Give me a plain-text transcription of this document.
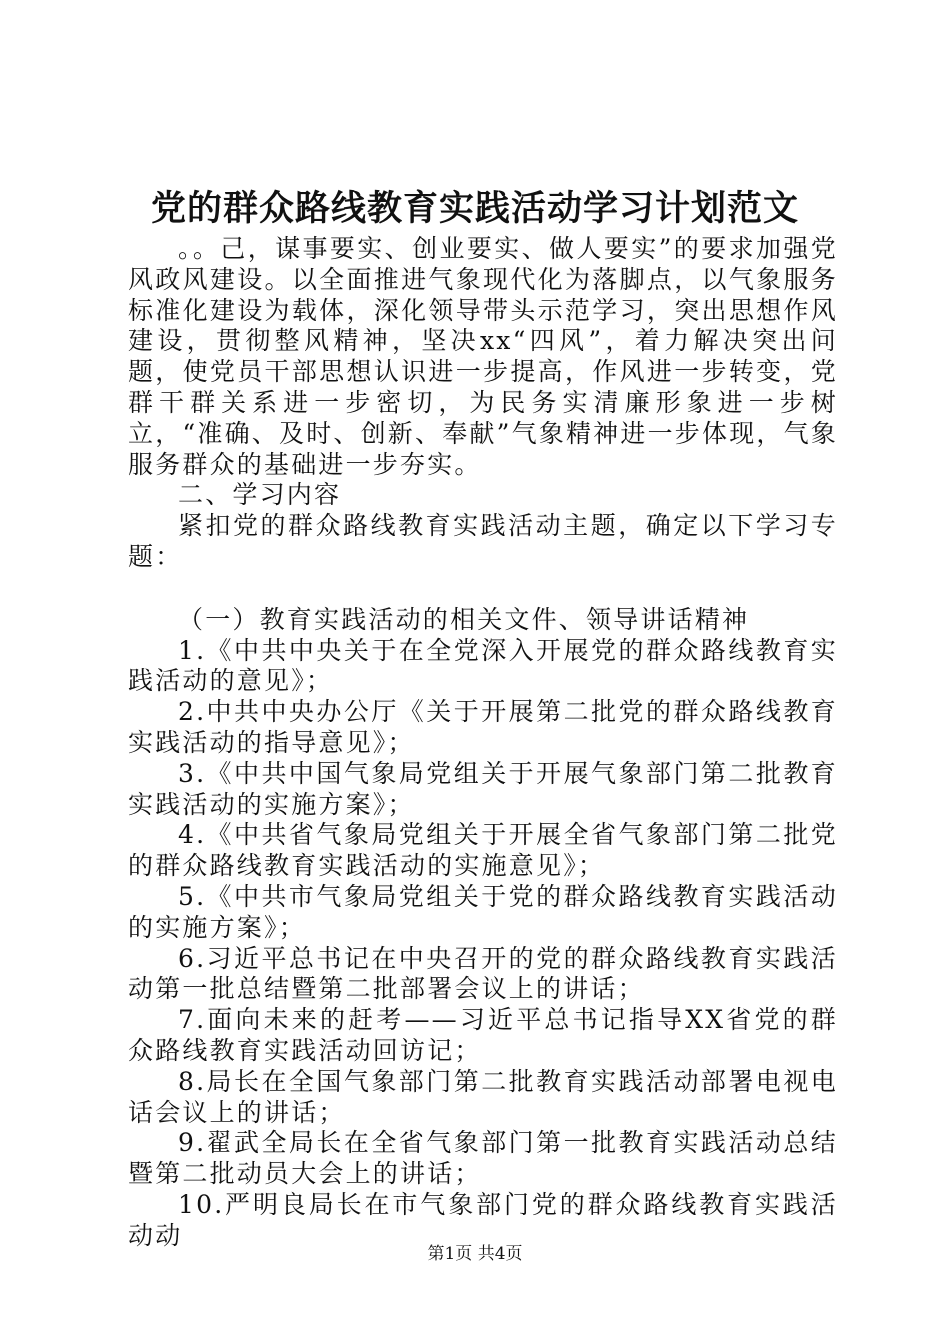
党的群众路线教育实践活动学习计划范文

。。己，谋事要实、创业要实、做人要实”的要求加强党风政风建设。以全面推进气象现代化为落脚点，以气象服务标准化建设为载体，深化领导带头示范学习，突出思想作风建设，贯彻整风精神，坚决xx“四风”，着力解决突出问题，使党员干部思想认识进一步提高，作风进一步转变，党群干群关系进一步密切，为民务实清廉形象进一步树立，“准确、及时、创新、奉献”气象精神进一步体现，气象服务群众的基础进一步夯实。

二、学习内容

紧扣党的群众路线教育实践活动主题，确定以下学习专题：

（一）教育实践活动的相关文件、领导讲话精神

1.《中共中央关于在全党深入开展党的群众路线教育实践活动的意见》；

2.中共中央办公厅《关于开展第二批党的群众路线教育实践活动的指导意见》；

3.《中共中国气象局党组关于开展气象部门第二批教育实践活动的实施方案》；

4.《中共省气象局党组关于开展全省气象部门第二批党的群众路线教育实践活动的实施意见》；

5.《中共市气象局党组关于党的群众路线教育实践活动的实施方案》；

6.习近平总书记在中央召开的党的群众路线教育实践活动第一批总结暨第二批部署会议上的讲话；

7.面向未来的赶考——习近平总书记指导XX省党的群众路线教育实践活动回访记；

8.局长在全国气象部门第二批教育实践活动部署电视电话会议上的讲话；

9.翟武全局长在全省气象部门第一批教育实践活动总结暨第二批动员大会上的讲话；

10.严明良局长在市气象部门党的群众路线教育实践活动动

第1页 共4页
